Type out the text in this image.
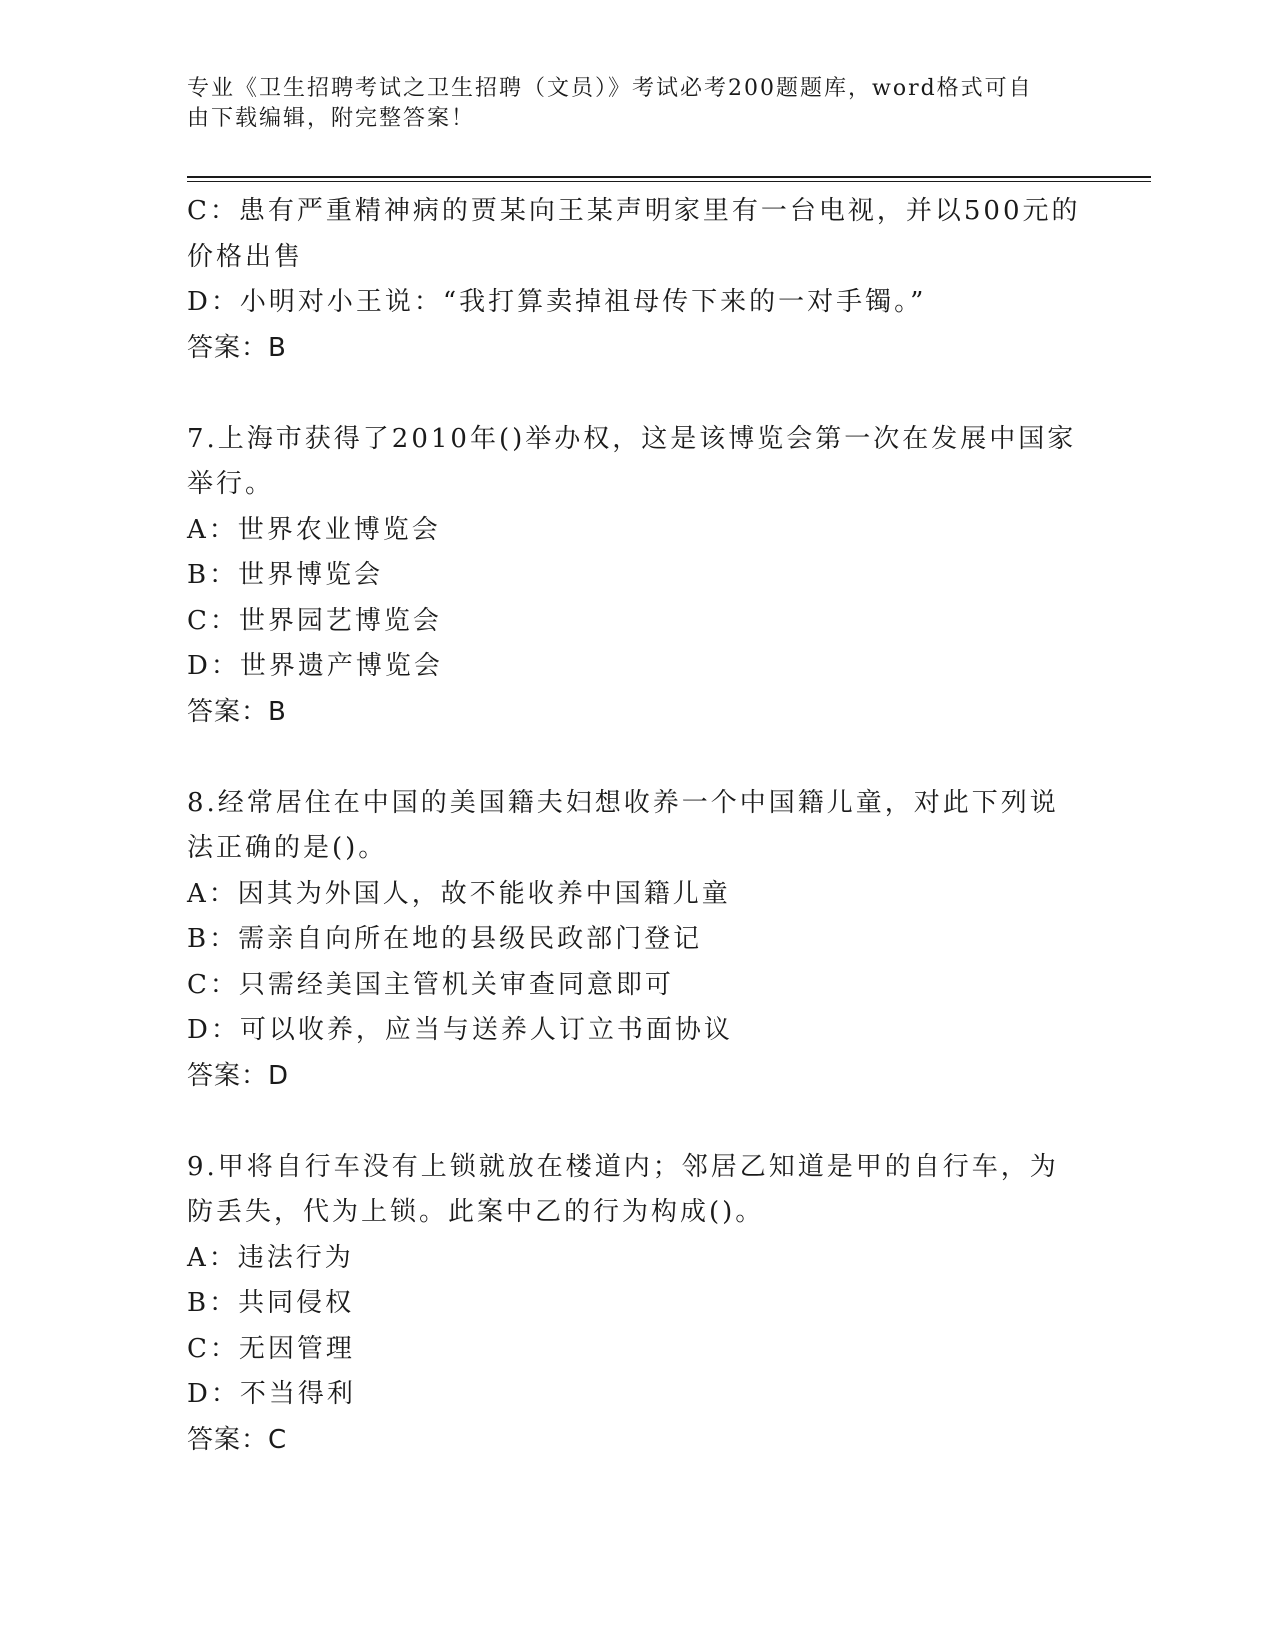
专业《卫生招聘考试之卫生招聘（文员）》考试必考200题题库，word格式可自

由下载编辑，附完整答案！

C：患有严重精神病的贾某向王某声明家里有一台电视，并以500元的

价格出售

D：小明对小王说：“我打算卖掉祖母传下来的一对手镯。”

答案：B

7.上海市获得了2010年()举办权，这是该博览会第一次在发展中国家

举行。

A：世界农业博览会

B：世界博览会

C：世界园艺博览会

D：世界遗产博览会

答案：B

8.经常居住在中国的美国籍夫妇想收养一个中国籍儿童，对此下列说

法正确的是()。

A：因其为外国人，故不能收养中国籍儿童

B：需亲自向所在地的县级民政部门登记

C：只需经美国主管机关审查同意即可

D：可以收养，应当与送养人订立书面协议

答案：D

9.甲将自行车没有上锁就放在楼道内；邻居乙知道是甲的自行车，为

防丢失，代为上锁。此案中乙的行为构成()。

A：违法行为

B：共同侵权

C：无因管理

D：不当得利

答案：C
